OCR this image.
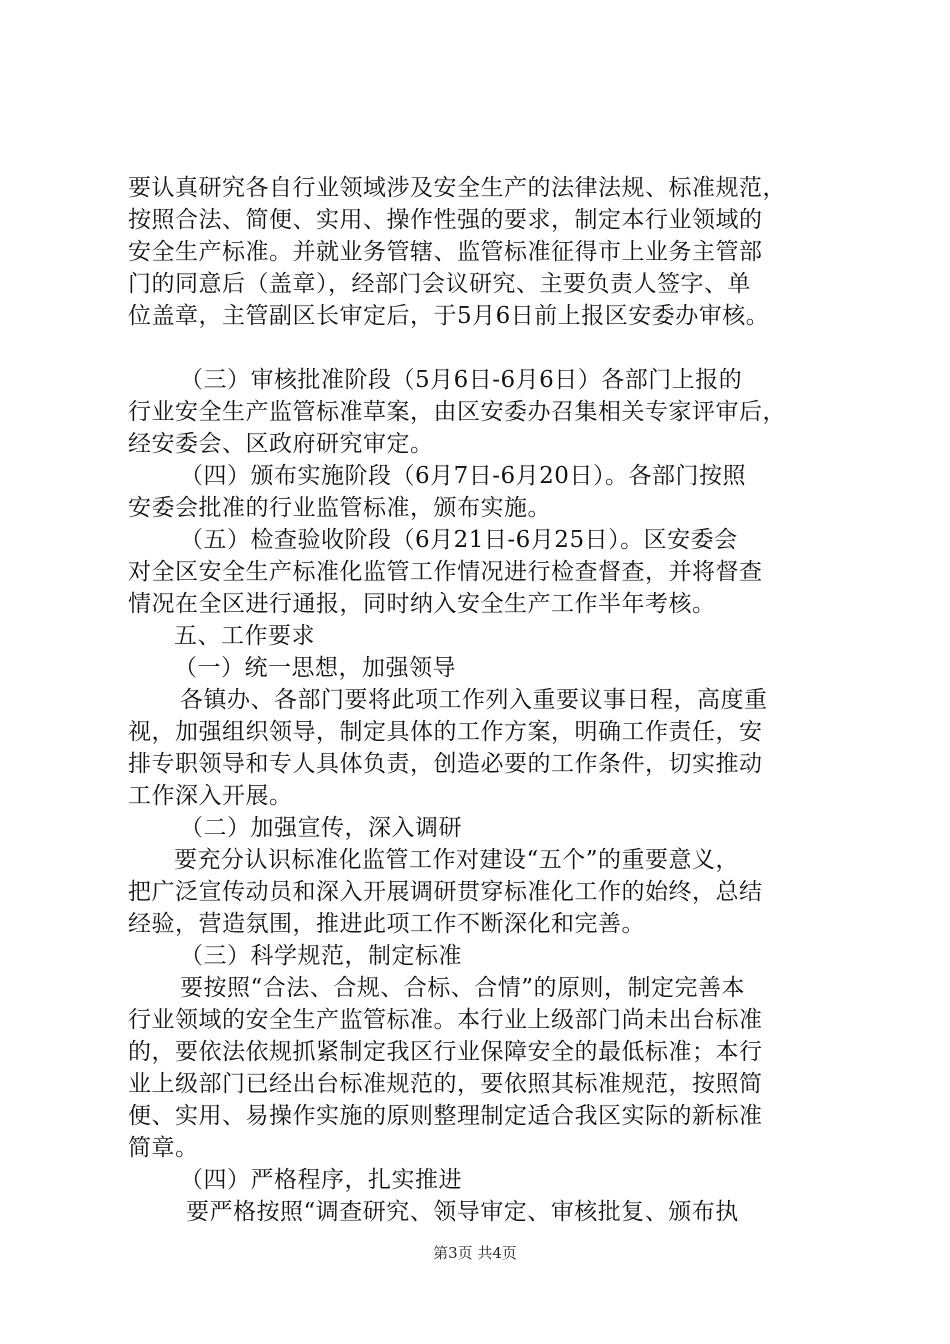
要认真研究各自行业领域涉及安全生产的法律法规、标准规范，
按照合法、简便、实用、操作性强的要求，制定本行业领域的
安全生产标准。并就业务管辖、监管标准征得市上业务主管部
门的同意后（盖章），经部门会议研究、主要负责人签字、单
位盖章，主管副区长审定后，于5月6日前上报区安委办审核。
（三）审核批准阶段（5月6日-6月6日）各部门上报的
行业安全生产监管标准草案，由区安委办召集相关专家评审后，
经安委会、区政府研究审定。
（四）颁布实施阶段（6月7日-6月20日）。各部门按照
安委会批准的行业监管标准，颁布实施。
（五）检查验收阶段（6月21日-6月25日）。区安委会
对全区安全生产标准化监管工作情况进行检查督查，并将督查
情况在全区进行通报，同时纳入安全生产工作半年考核。
五、工作要求
（一）统一思想，加强领导
各镇办、各部门要将此项工作列入重要议事日程，高度重
视，加强组织领导，制定具体的工作方案，明确工作责任，安
排专职领导和专人具体负责，创造必要的工作条件，切实推动
工作深入开展。
（二）加强宣传，深入调研
要充分认识标准化监管工作对建设“五个”的重要意义，
把广泛宣传动员和深入开展调研贯穿标准化工作的始终，总结
经验，营造氛围，推进此项工作不断深化和完善。
（三）科学规范，制定标准
要按照“合法、合规、合标、合情”的原则，制定完善本
行业领域的安全生产监管标准。本行业上级部门尚未出台标准
的，要依法依规抓紧制定我区行业保障安全的最低标准；本行
业上级部门已经出台标准规范的，要依照其标准规范，按照简
便、实用、易操作实施的原则整理制定适合我区实际的新标准
简章。
（四）严格程序，扎实推进
要严格按照“调查研究、领导审定、审核批复、颁布执
第3页 共4页
